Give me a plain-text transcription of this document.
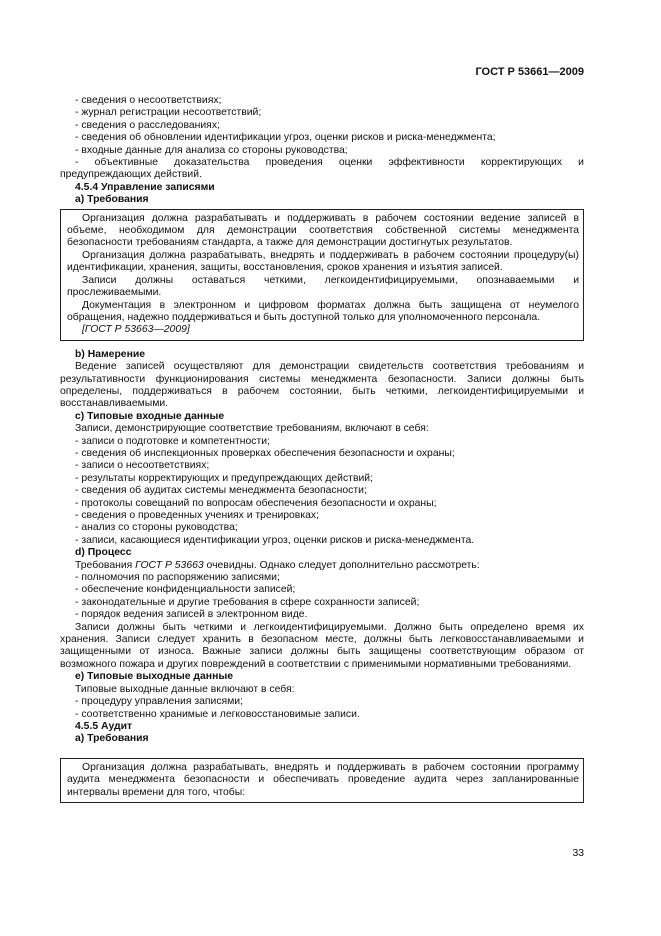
ГОСТ Р 53661—2009

- сведения о несоответствиях;

- журнал регистрации несоответствий;

- сведения о расследованиях;

- сведения об обновлении идентификации угроз, оценки рисков и риска-менеджмента;

- входные данные для анализа со стороны руководства;

- объективные доказательства проведения оценки эффективности корректирующих и предупреждающих действий.

4.5.4 Управление записями

а) Требования

Организация должна разрабатывать и поддерживать в рабочем состоянии ведение записей в объеме, необходимом для демонстрации соответствия собственной системы менеджмента безопасности требованиям стандарта, а также для демонстрации достигнутых результатов.

Организация должна разрабатывать, внедрять и поддерживать в рабочем состоянии процедуру(ы) идентификации, хранения, защиты, восстановления, сроков хранения и изъятия записей.

Записи должны оставаться четкими, легкоидентифицируемыми, опознаваемыми и прослеживаемыми.

Документация в электронном и цифровом форматах должна быть защищена от неумелого обращения, надежно поддерживаться и быть доступной только для уполномоченного персонала.

[ГОСТ Р 53663—2009]

b) Намерение

Ведение записей осуществляют для демонстрации свидетельств соответствия требованиям и результативности функционирования системы менеджмента безопасности. Записи должны быть определены, поддерживаться в рабочем состоянии, быть четкими, легкоидентифицируемыми и восстанавливаемыми.

с) Типовые входные данные

Записи, демонстрирующие соответствие требованиям, включают в себя:

- записи о подготовке и компетентности;

- сведения об инспекционных проверках обеспечения безопасности и охраны;

- записи о несоответствиях;

- результаты корректирующих и предупреждающих действий;

- сведения об аудитах системы менеджмента безопасности;

- протоколы совещаний по вопросам обеспечения безопасности и охраны;

- сведения о проведенных учениях и тренировках;

- анализ со стороны руководства;

- записи, касающиеся идентификации угроз, оценки рисков и риска-менеджмента.

d) Процесс

Требования ГОСТ Р 53663 очевидны. Однако следует дополнительно рассмотреть:

- полномочия по распоряжению записями;

- обеспечение конфиденциальности записей;

- законодательные и другие требования в сфере сохранности записей;

- порядок ведения записей в электронном виде.

Записи должны быть четкими и легкоидентифицируемыми. Должно быть определено время их хранения. Записи следует хранить в безопасном месте, должны быть легковосстанавливаемыми и защищенными от износа. Важные записи должны быть защищены соответствующим образом от возможного пожара и других повреждений в соответствии с применимыми нормативными требованиями.

е) Типовые выходные данные

Типовые выходные данные включают в себя:

- процедуру управления записями;

- соответственно хранимые и легковосстановимые записи.

4.5.5 Аудит

а) Требования

Организация должна разрабатывать, внедрять и поддерживать в рабочем состоянии программу аудита менеджмента безопасности и обеспечивать проведение аудита через запланированные интервалы времени для того, чтобы:

33
